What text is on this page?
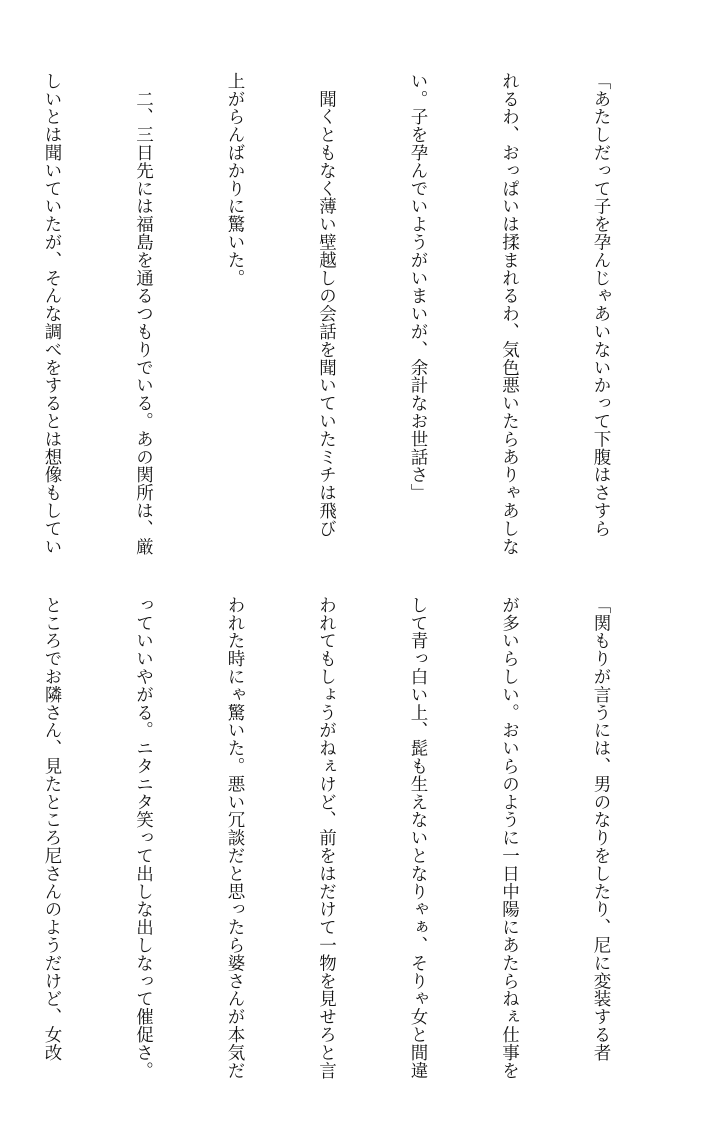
「あたしだって子を孕んじゃあいないかって下腹はさすら

れるわ、おっぱいは揉まれるわ、気色悪いたらありゃあしな

い。子を孕んでいようがいまいが、余計なお世話さ」

　聞くともなく薄い壁越しの会話を聞いていたミチは飛び

上がらんばかりに驚いた。

　二、三日先には福島を通るつもりでいる。あの関所は、厳

しいとは聞いていたが、そんな調べをするとは想像もしてい

「関もりが言うには、男のなりをしたり、尼に変装する者

が多いらしい。おいらのように一日中陽にあたらねぇ仕事を

して青っ白い上、髭も生えないとなりゃぁ、そりゃ女と間違

われてもしょうがねぇけど、前をはだけて一物を見せろと言

われた時にゃ驚いた。悪い冗談だと思ったら婆さんが本気だ

っていいやがる。ニタニタ笑って出しな出しなって催促さ。

ところでお隣さん、見たところ尼さんのようだけど、女改
